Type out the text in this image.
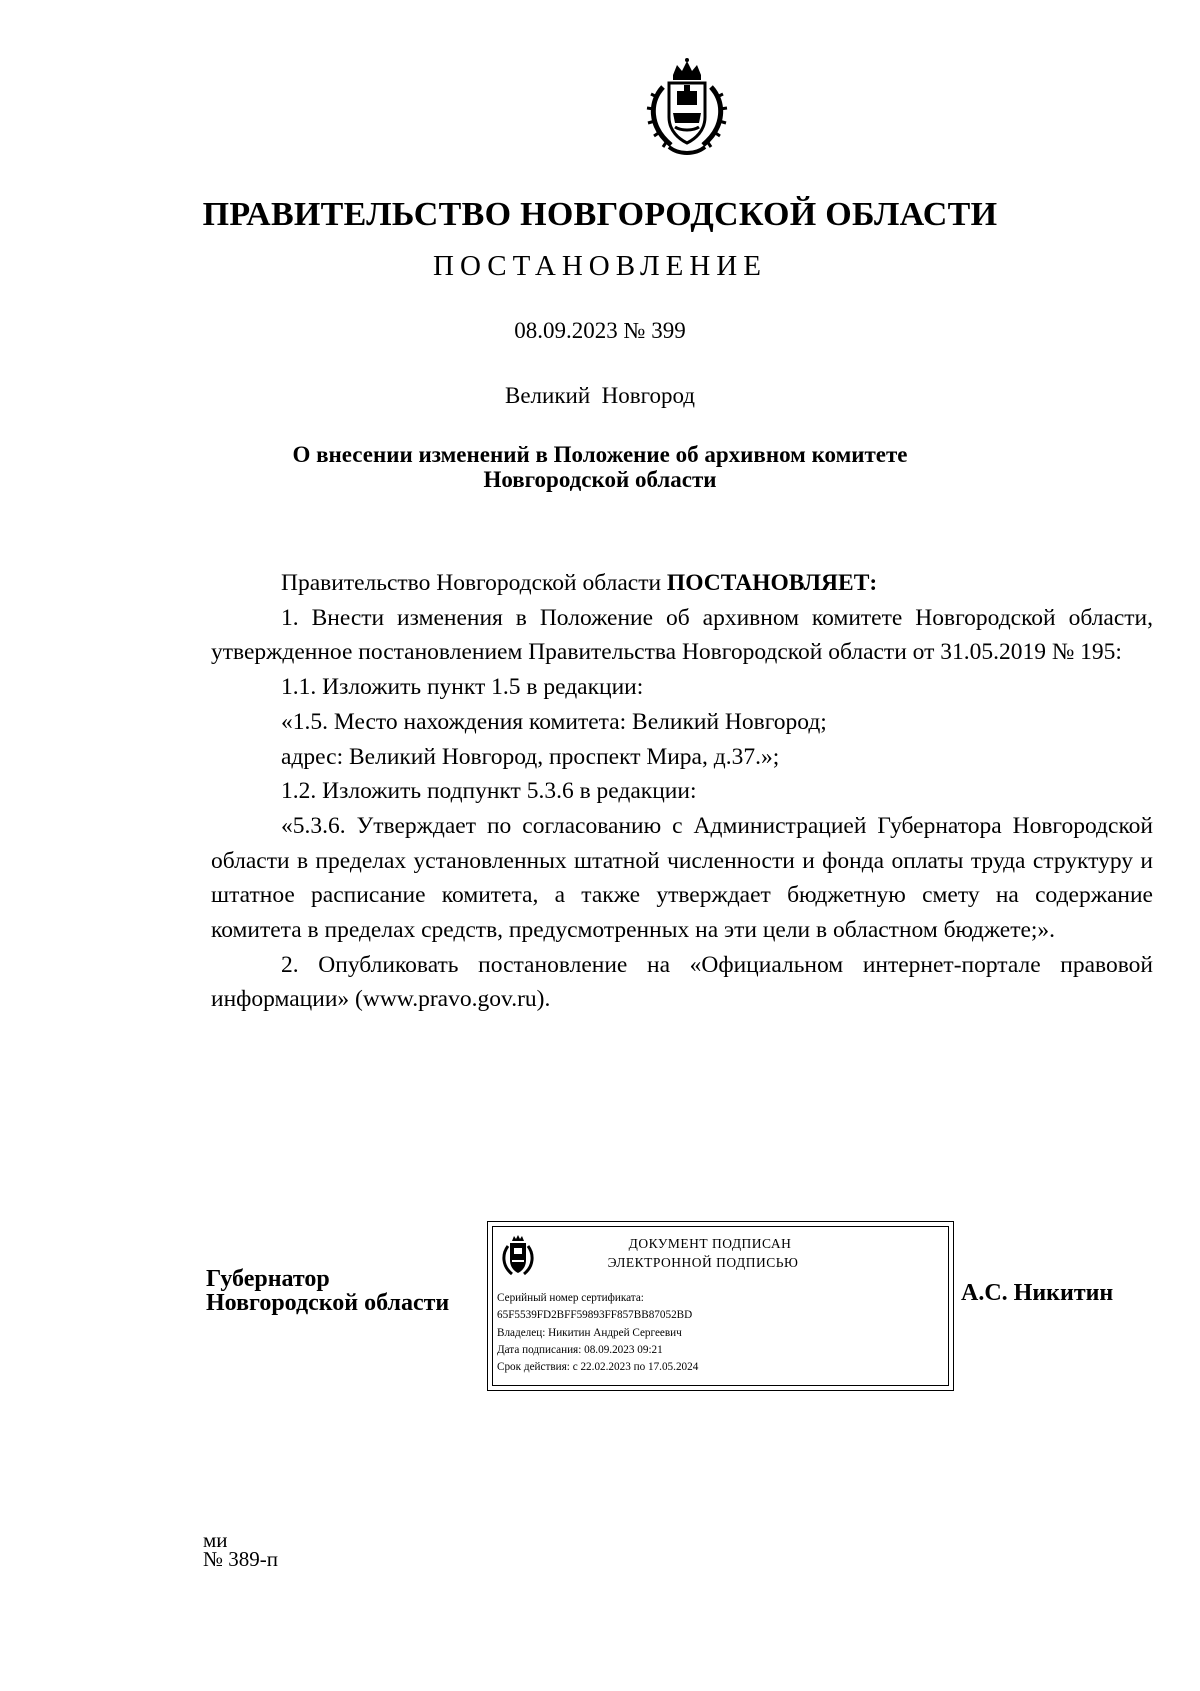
ПРАВИТЕЛЬСТВО НОВГОРОДСКОЙ ОБЛАСТИ
ПОСТАНОВЛЕНИЕ
08.09.2023 № 399
Великий  Новгород
О внесении изменений в Положение об архивном комитете
Новгородской области

Правительство Новгородской области ПОСТАНОВЛЯЕТ:

1. Внести изменения в Положение об архивном комитете Новгородской области, утвержденное постановлением Правительства Новгородской области от 31.05.2019 № 195:

1.1. Изложить пункт 1.5 в редакции:

«1.5. Место нахождения комитета: Великий Новгород;

адрес: Великий Новгород, проспект Мира, д.37.»;

1.2. Изложить подпункт 5.3.6 в редакции:

«5.3.6. Утверждает по согласованию с Администрацией Губернатора Новгородской области в пределах установленных штатной численности и фонда оплаты труда структуру и штатное расписание комитета, а также утверждает бюджетную смету на содержание комитета в пределах средств, предусмотренных на эти цели в областном бюджете;».

2. Опубликовать постановление на «Официальном интернет-портале правовой информации» (www.pravo.gov.ru).

Губернатор
Новгородской области
ДОКУМЕНТ ПОДПИСАН
ЭЛЕКТРОННОЙ ПОДПИСЬЮ
Серийный номер сертификата:
65F5539FD2BFF59893FF857BB87052BD
Владелец: Никитин Андрей Сергеевич
Дата подписания: 08.09.2023 09:21
Срок действия: с 22.02.2023 по 17.05.2024
А.С. Никитин
ми
№ 389-п
